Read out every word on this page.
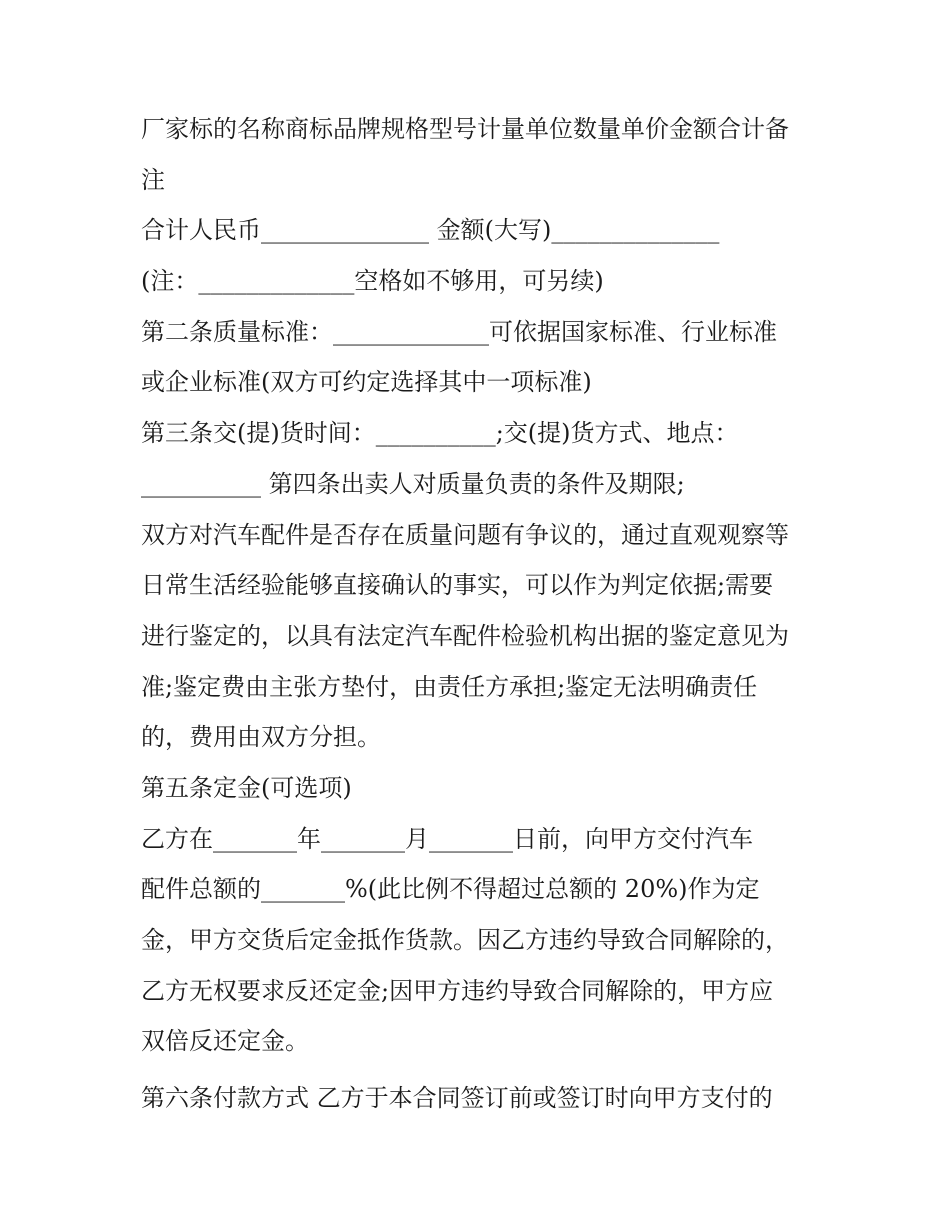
厂家标的名称商标品牌规格型号计量单位数量单价金额合计备

注

合计人民币______________ 金额(大写)______________

(注：_____________空格如不够用，可另续)

第二条质量标准：_____________可依据国家标准、行业标准

或企业标准(双方可约定选择其中一项标准)

第三条交(提)货时间：__________;交(提)货方式、地点：

__________ 第四条出卖人对质量负责的条件及期限;

双方对汽车配件是否存在质量问题有争议的，通过直观观察等

日常生活经验能够直接确认的事实，可以作为判定依据;需要

进行鉴定的，以具有法定汽车配件检验机构出据的鉴定意见为

准;鉴定费由主张方垫付，由责任方承担;鉴定无法明确责任

的，费用由双方分担。

第五条定金(可选项)

乙方在_______年_______月_______日前，向甲方交付汽车

配件总额的_______%(此比例不得超过总额的 20%)作为定

金，甲方交货后定金抵作货款。因乙方违约导致合同解除的，

乙方无权要求反还定金;因甲方违约导致合同解除的，甲方应

双倍反还定金。

第六条付款方式 乙方于本合同签订前或签订时向甲方支付的
